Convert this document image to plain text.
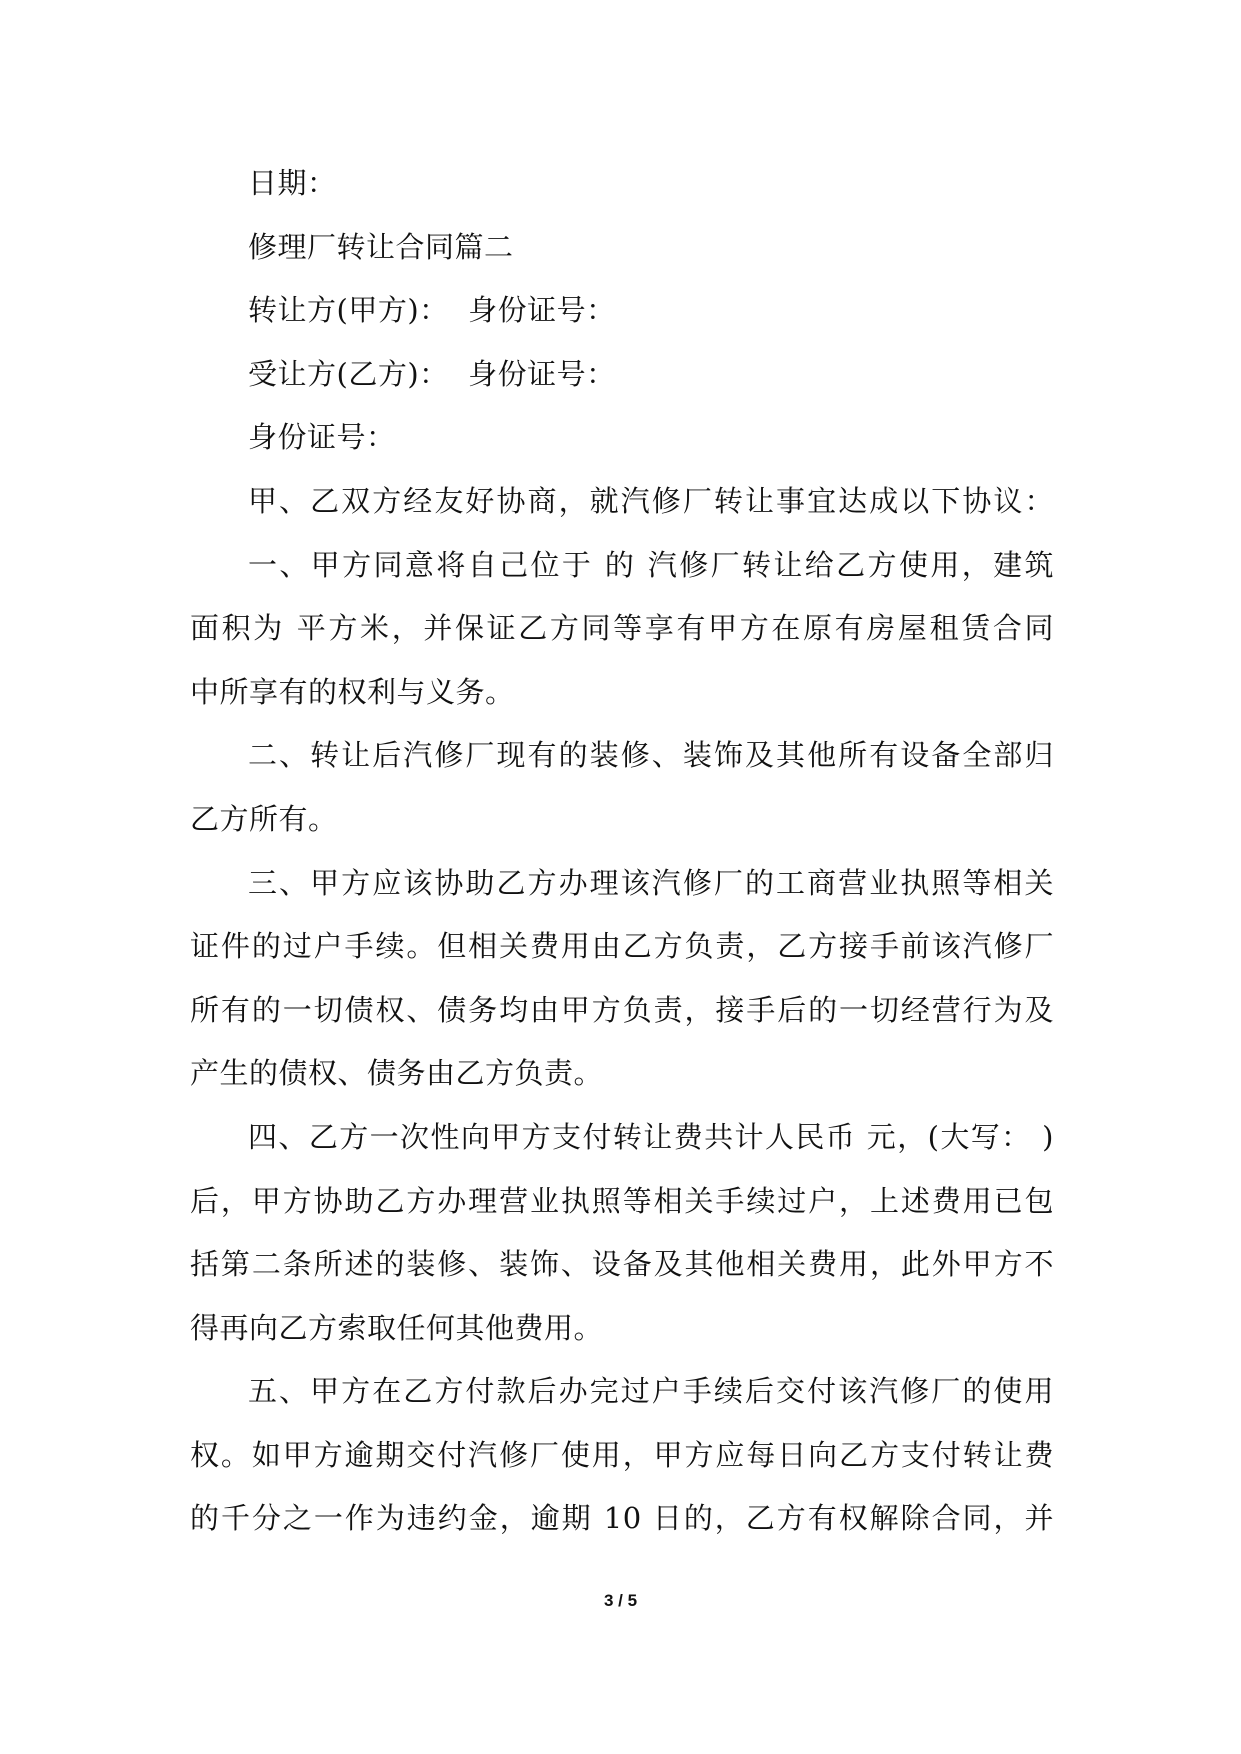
日期：
修理厂转让合同篇二
转让方(甲方)：  身份证号：
受让方(乙方)：  身份证号：
身份证号：
甲、乙双方经友好协商，就汽修厂转让事宜达成以下协议：
一、甲方同意将自己位于 的 汽修厂转让给乙方使用，建筑
面积为 平方米，并保证乙方同等享有甲方在原有房屋租赁合同
中所享有的权利与义务。
二、转让后汽修厂现有的装修、装饰及其他所有设备全部归
乙方所有。
三、甲方应该协助乙方办理该汽修厂的工商营业执照等相关
证件的过户手续。但相关费用由乙方负责，乙方接手前该汽修厂
所有的一切债权、债务均由甲方负责，接手后的一切经营行为及
产生的债权、债务由乙方负责。
四、乙方一次性向甲方支付转让费共计人民币 元，(大写： )
后，甲方协助乙方办理营业执照等相关手续过户，上述费用已包
括第二条所述的装修、装饰、设备及其他相关费用，此外甲方不
得再向乙方索取任何其他费用。
五、甲方在乙方付款后办完过户手续后交付该汽修厂的使用
权。如甲方逾期交付汽修厂使用，甲方应每日向乙方支付转让费
的千分之一作为违约金，逾期 10 日的，乙方有权解除合同，并
3 / 5
